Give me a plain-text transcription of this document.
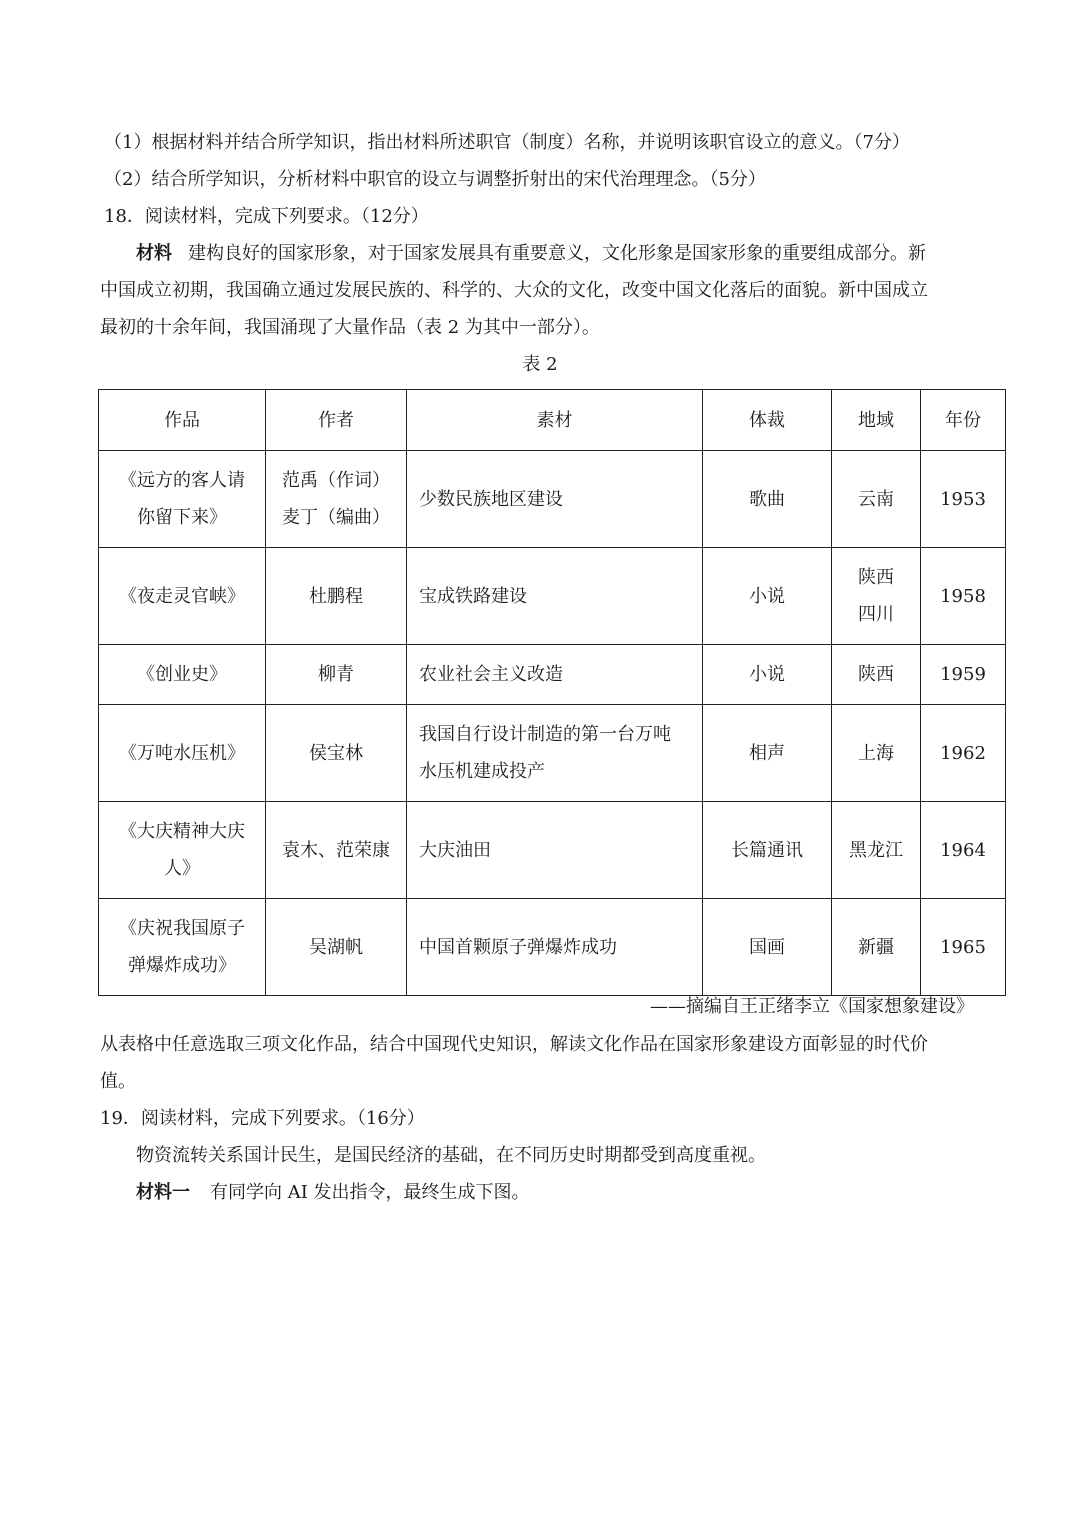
（1）根据材料并结合所学知识，指出材料所述职官（制度）名称，并说明该职官设立的意义。（7分）
（2）结合所学知识，分析材料中职官的设立与调整折射出的宋代治理理念。（5分）
18．阅读材料，完成下列要求。（12分）
材料 建构良好的国家形象，对于国家发展具有重要意义，文化形象是国家形象的重要组成部分。新
中国成立初期，我国确立通过发展民族的、科学的、大众的文化，改变中国文化落后的面貌。新中国成立
最初的十余年间，我国涌现了大量作品（表 2 为其中一部分）。
表 2
作品	作者	素材	体裁	地域	年份

《远方的客人请
你留下来》	范禹（作词）
麦丁（编曲）	少数民族地区建设	歌曲	云南	1953

《夜走灵官峡》	杜鹏程	宝成铁路建设	小说	陕西
四川	1958

《创业史》	柳青	农业社会主义改造	小说	陕西	1959

《万吨水压机》	侯宝林	我国自行设计制造的第一台万吨
水压机建成投产	相声	上海	1962

《大庆精神大庆
人》	袁木、范荣康	大庆油田	长篇通讯	黑龙江	1964

《庆祝我国原子
弹爆炸成功》	吴湖帆	中国首颗原子弹爆炸成功	国画	新疆	1965
——摘编自王正绪李立《国家想象建设》
从表格中任意选取三项文化作品，结合中国现代史知识，解读文化作品在国家形象建设方面彰显的时代价
值。
19．阅读材料，完成下列要求。（16分）
物资流转关系国计民生，是国民经济的基础，在不同历史时期都受到高度重视。
材料一 有同学向 AI 发出指令，最终生成下图。
